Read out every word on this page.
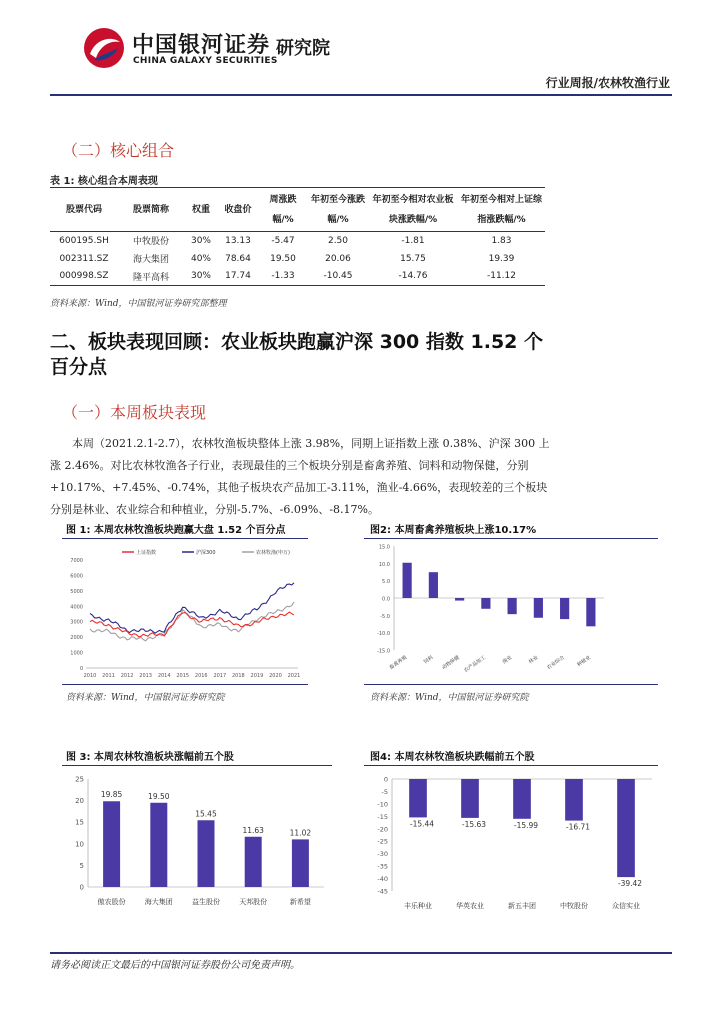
中国银河证券 研究院
CHINA GALAXY SECURITIES
行业周报/农林牧渔行业
（二）核心组合
表 1: 核心组合本周表现
股票代码	股票简称	权重	收盘价	周涨跌幅/%	年初至今涨跌幅/%	年初至今相对农业板块涨跌幅/%	年初至今相对上证综指涨跌幅/%
600195.SH	中牧股份	30%	13.13	-5.47	2.50	-1.81	1.83
002311.SZ	海大集团	40%	78.64	19.50	20.06	15.75	19.39
000998.SZ	隆平高科	30%	17.74	-1.33	-10.45	-14.76	-11.12
资料来源：Wind，中国银河证券研究部整理
二、板块表现回顾：农业板块跑赢沪深 300 指数 1.52 个百分点
（一）本周板块表现
本周（2021.2.1-2.7），农林牧渔板块整体上涨 3.98%，同期上证指数上涨 0.38%、沪深 300 上涨 2.46%。对比农林牧渔各子行业，表现最佳的三个板块分别是畜禽养殖、饲料和动物保健，分别+10.17%、+7.45%、-0.74%，其他子板块农产品加工-3.11%，渔业-4.66%，表现较差的三个板块分别是林业、农业综合和种植业，分别-5.7%、-6.09%、-8.17%。
图 1: 本周农林牧渔板块跑赢大盘 1.52 个百分点
0
1000
2000
3000
4000
5000
6000
7000
2010 2011 2012 2013 2014 2015 2016 2017 2018 2019 2020 2021
上证指数	沪深300	农林牧渔(申万)
资料来源：Wind，中国银河证券研究院
图2: 本周畜禽养殖板块上涨10.17%
15.0
10.0
5.0
0.0
-5.0
-10.0
-15.0
畜禽养殖	饲料 动物保健 农产品加工	渔业	林业 农业综合 种植业
资料来源：Wind，中国银河证券研究院
图 3: 本周农林牧渔板块涨幅前五个股
0
5
10
15
20
25
19.85
傲农股份
19.50
海大集团
15.45
益生股份
11.63
天邦股份
11.02
新希望
图4: 本周农林牧渔板块跌幅前五个股
0
-5
-10
-15
-20
-25
-30
-35
-40
-45
-15.44
丰乐种业
-15.63
华英农业
-15.99
新五丰团
-16.71
中牧股份
-39.42
众信实业
请务必阅读正文最后的中国银河证券股份公司免责声明。
